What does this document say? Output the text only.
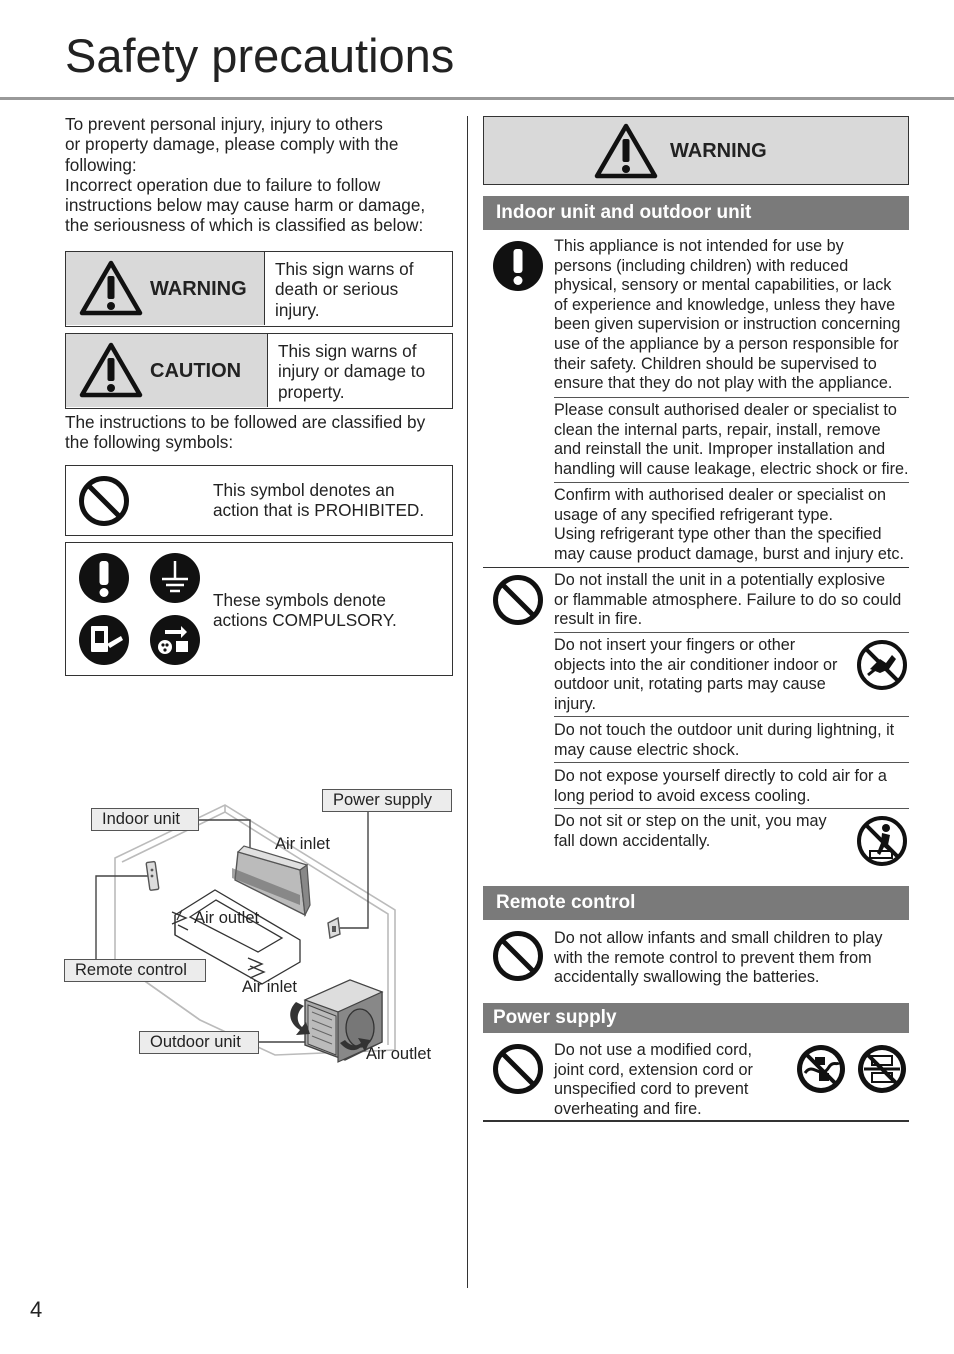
Safety precautions
To prevent personal injury, injury to others
or property damage, please comply with the
following:
Incorrect operation due to failure to follow
instructions below may cause harm or damage,
the seriousness of which is classified as below:
WARNING
This sign warns of
death or serious
injury.
CAUTION
This sign warns of
injury or damage to
property.
The instructions to be followed are classified by
the following symbols:
This symbol denotes an
action that is PROHIBITED.
These symbols denote
actions COMPULSORY.
Indoor unit
Power supply
Air inlet
Air outlet
Remote control
Air inlet
Outdoor unit
Air outlet
WARNING
Indoor unit and outdoor unit
This appliance is not intended for use by
persons (including children) with reduced
physical, sensory or mental capabilities, or lack
of experience and knowledge, unless they have
been given supervision or instruction concerning
use of the appliance by a person responsible for
their safety. Children should be supervised to
ensure that they do not play with the appliance.
Please consult authorised dealer or specialist to
clean the internal parts, repair, install, remove
and reinstall the unit. Improper installation and
handling will cause leakage, electric shock or fire.
Confirm with authorised dealer or specialist on
usage of any specified refrigerant type.
Using refrigerant type other than the specified
may cause product damage, burst and injury etc.
Do not install the unit in a potentially explosive
or flammable atmosphere. Failure to do so could
result in fire.
Do not insert your fingers or other
objects into the air conditioner indoor or
outdoor unit, rotating parts may cause
injury.
Do not touch the outdoor unit during lightning, it
may cause electric shock.
Do not expose yourself directly to cold air for a
long period to avoid excess cooling.
Do not sit or step on the unit, you may
fall down accidentally.
Remote control
Do not allow infants and small children to play
with the remote control to prevent them from
accidentally swallowing the batteries.
Power supply
Do not use a modified cord,
joint cord, extension cord or
unspecified cord to prevent
overheating and fire.
4
